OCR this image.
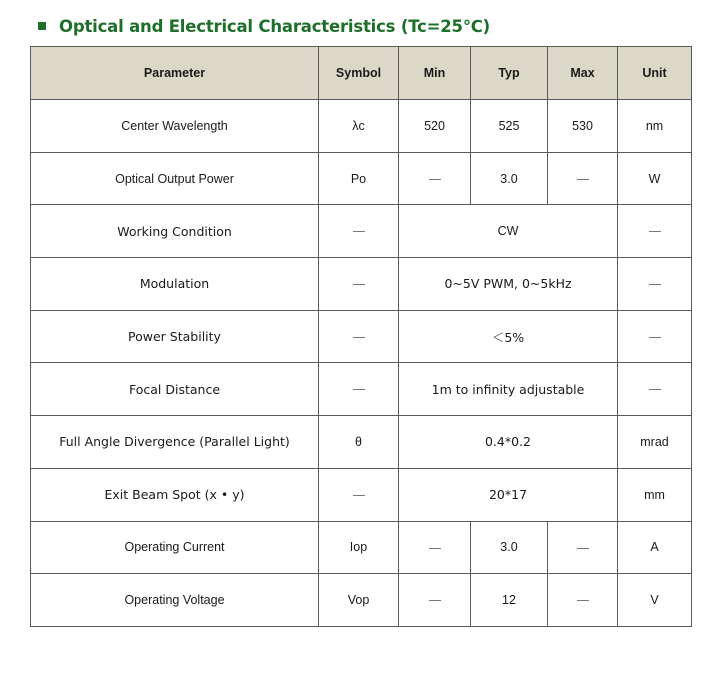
Optical and Electrical Characteristics (Tc=25℃)
Parameter	Symbol	Min	Typ	Max	Unit
Center Wavelength	λc	520	525	530	nm
Optical Output Power	Po		3.0		W
Working Condition		CW			
Modulation		0~5V PWM, 0~5kHz			
Power Stability		＜5%			
Focal Distance		1m to infinity adjustable			
Full Angle Divergence (Parallel Light)	θ	0.4*0.2			mrad
Exit Beam Spot (x • y)		20*17			mm
Operating Current	Iop		3.0		A
Operating Voltage	Vop		12		V
